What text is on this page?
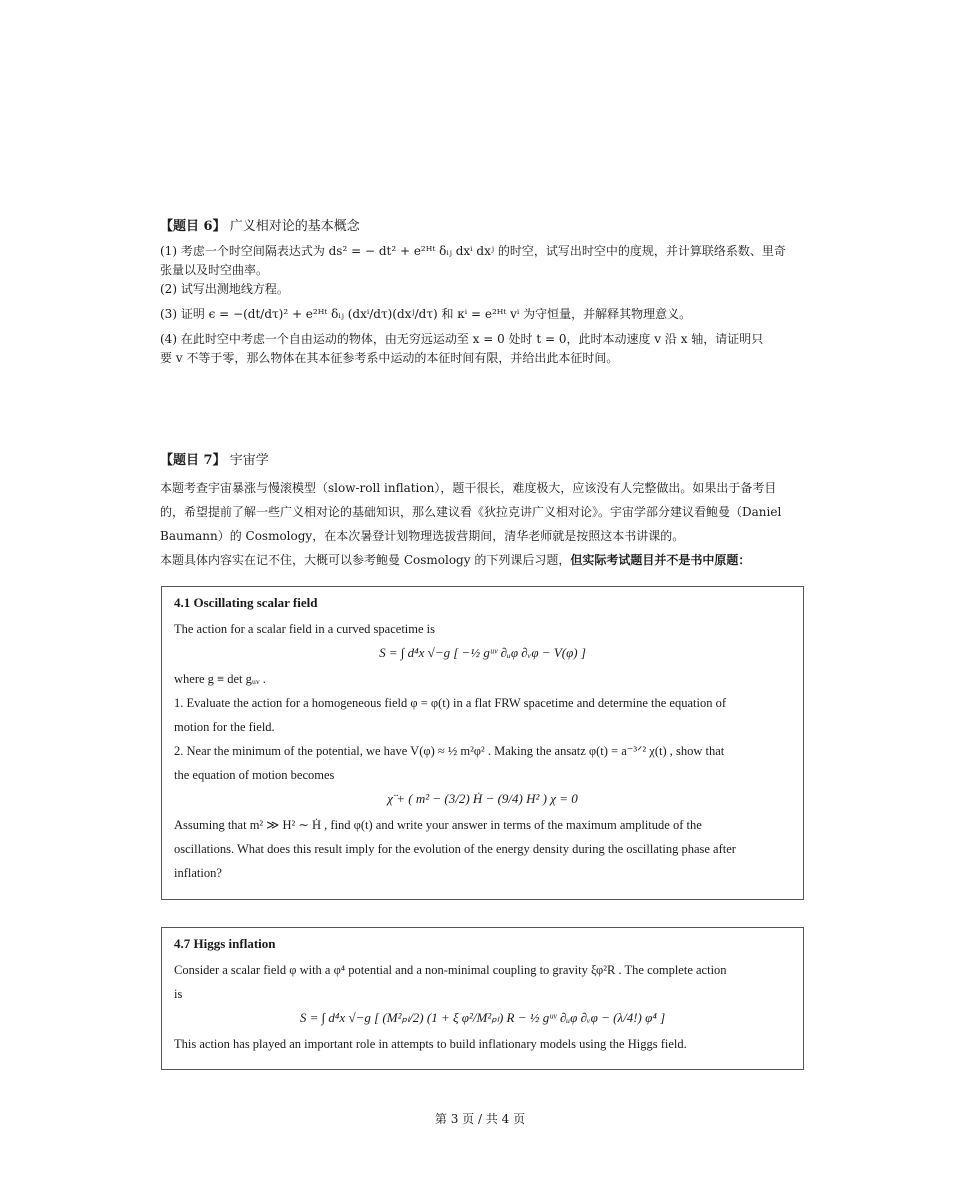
【题目 6】 广义相对论的基本概念

(1) 考虑一个时空间隔表达式为 ds² = − dt² + e²ᴴᵗ δᵢⱼ dxⁱ dxʲ 的时空，试写出时空中的度规，并计算联络系数、里奇

张量以及时空曲率。

(2) 试写出测地线方程。

(3) 证明 ϵ = −(dt/dτ)² + e²ᴴᵗ δᵢⱼ (dxⁱ/dτ)(dxʲ/dτ) 和 κⁱ = e²ᴴᵗ vⁱ 为守恒量，并解释其物理意义。

(4) 在此时空中考虑一个自由运动的物体，由无穷远运动至 x = 0 处时 t = 0，此时本动速度 v 沿 x 轴，请证明只

要 v 不等于零，那么物体在其本征参考系中运动的本征时间有限，并给出此本征时间。

【题目 7】 宇宙学

本题考查宇宙暴涨与慢滚模型（slow-roll inflation），题干很长，难度极大，应该没有人完整做出。如果出于备考目

的，希望提前了解一些广义相对论的基础知识，那么建议看《狄拉克讲广义相对论》。宇宙学部分建议看鲍曼（Daniel

Baumann）的 Cosmology，在本次暑登计划物理选拔营期间，清华老师就是按照这本书讲课的。

本题具体内容实在记不住，大概可以参考鲍曼 Cosmology 的下列课后习题，但实际考试题目并不是书中原题：

4.1 Oscillating scalar field

The action for a scalar field in a curved spacetime is

S = ∫ d⁴x √−g [ −½ gᵘᵛ ∂ᵤφ ∂ᵥφ − V(φ) ]

where g ≡ det gᵤᵥ .

1. Evaluate the action for a homogeneous field φ = φ(t) in a flat FRW spacetime and determine the equation of

motion for the field.

2. Near the minimum of the potential, we have V(φ) ≈ ½ m²φ² . Making the ansatz φ(t) = a⁻³ᐟ² χ(t) , show that

the equation of motion becomes

χ̈ + ( m² − (3/2) Ḣ − (9/4) H² ) χ = 0

Assuming that m² ≫ H² ∼ Ḣ , find φ(t) and write your answer in terms of the maximum amplitude of the

oscillations. What does this result imply for the evolution of the energy density during the oscillating phase after

inflation?

4.7 Higgs inflation

Consider a scalar field φ with a φ⁴ potential and a non-minimal coupling to gravity ξφ²R . The complete action

is

S = ∫ d⁴x √−g [ (M²ₚₗ/2) (1 + ξ φ²/M²ₚₗ) R − ½ gᵘᵛ ∂ᵤφ ∂ᵥφ − (λ/4!) φ⁴ ]

This action has played an important role in attempts to build inflationary models using the Higgs field.

第 3 页 / 共 4 页
